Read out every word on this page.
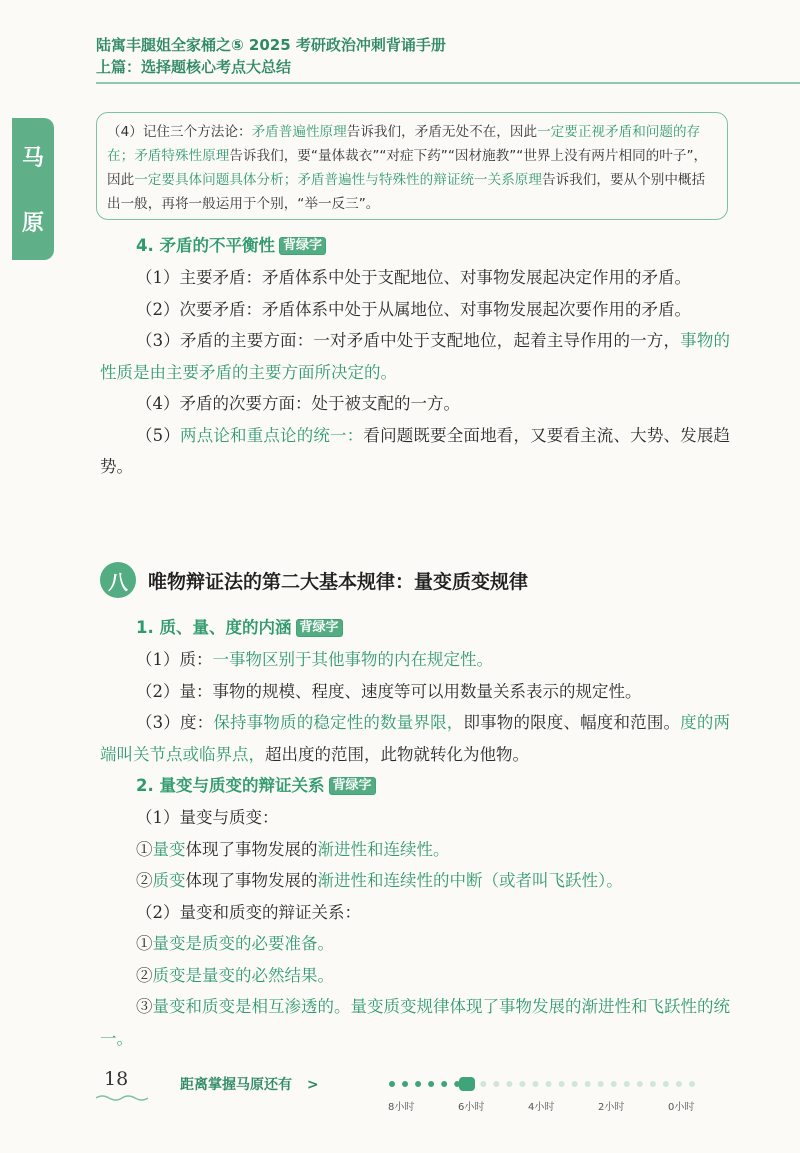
陆寓丰腿姐全家桶之⑤ 2025 考研政治冲刺背诵手册
上篇：选择题核心考点大总结
马
原
（4）记住三个方法论：矛盾普遍性原理告诉我们，矛盾无处不在，因此一定要正视矛盾和问题的存在；矛盾特殊性原理告诉我们，要“量体裁衣”“对症下药”“因材施教”“世界上没有两片相同的叶子”，因此一定要具体问题具体分析；矛盾普遍性与特殊性的辩证统一关系原理告诉我们，要从个别中概括出一般，再将一般运用于个别，“举一反三”。
4. 矛盾的不平衡性 背绿字

（1）主要矛盾：矛盾体系中处于支配地位、对事物发展起决定作用的矛盾。

（2）次要矛盾：矛盾体系中处于从属地位、对事物发展起次要作用的矛盾。

（3）矛盾的主要方面：一对矛盾中处于支配地位，起着主导作用的一方，事物的性质是由主要矛盾的主要方面所决定的。

（4）矛盾的次要方面：处于被支配的一方。

（5）两点论和重点论的统一：看问题既要全面地看，又要看主流、大势、发展趋势。

八	唯物辩证法的第二大基本规律：量变质变规律
1. 质、量、度的内涵 背绿字

（1）质：一事物区别于其他事物的内在规定性。

（2）量：事物的规模、程度、速度等可以用数量关系表示的规定性。

（3）度：保持事物质的稳定性的数量界限，即事物的限度、幅度和范围。度的两端叫关节点或临界点，超出度的范围，此物就转化为他物。

2. 量变与质变的辩证关系 背绿字

（1）量变与质变：

①量变体现了事物发展的渐进性和连续性。

②质变体现了事物发展的渐进性和连续性的中断（或者叫飞跃性）。

（2）量变和质变的辩证关系：

①量变是质变的必要准备。

②质变是量变的必然结果。

③量变和质变是相互渗透的。量变质变规律体现了事物发展的渐进性和飞跃性的统一。

18	距离掌握马原还有 >
8小时	6小时	4小时	2小时	0小时
